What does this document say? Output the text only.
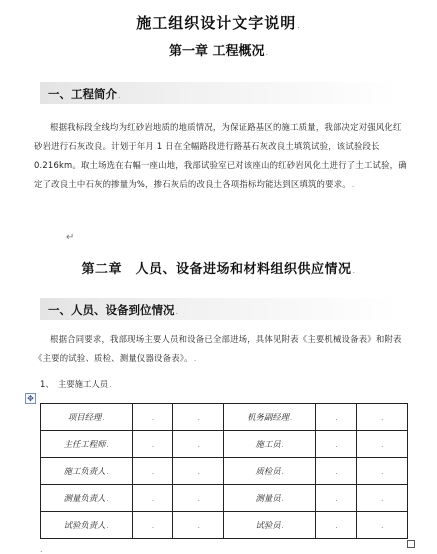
施工组织设计文字说明.
第一章 工程概况.
一、工程简介.
根据我标段全线均为红砂岩地质的地质情况，为保证路基区的施工质量，我部决定对强风化红砂岩进行石灰改良。计划于年月 1 日在全幅路段进行路基石灰改良土填筑试验，该试验段长 0.216km。取土场选在右幅一座山地，我部试验室已对该座山的红砂岩风化土进行了土工试验，确定了改良土中石灰的掺量为%，掺石灰后的改良土各项指标均能达到区填筑的要求。.
↵
第二章　人员、设备进场和材料组织供应情况.
一、人员、设备到位情况.
根据合同要求，我部现场主要人员和设备已全部进场，具体见附表《主要机械设备表》和附表《主要的试验、质检、测量仪器设备表》。.
1、　主要施工人员.
✥
项目经理.	.	.	机务副经理.	.	.
主任工程师.	.	.	施工员.	.	.
施工负责人.	.	.	质检员.	.	.
测量负责人.	.	.	测量员.	.	.
试验负责人.	.	.	试验员.	.	.
.
